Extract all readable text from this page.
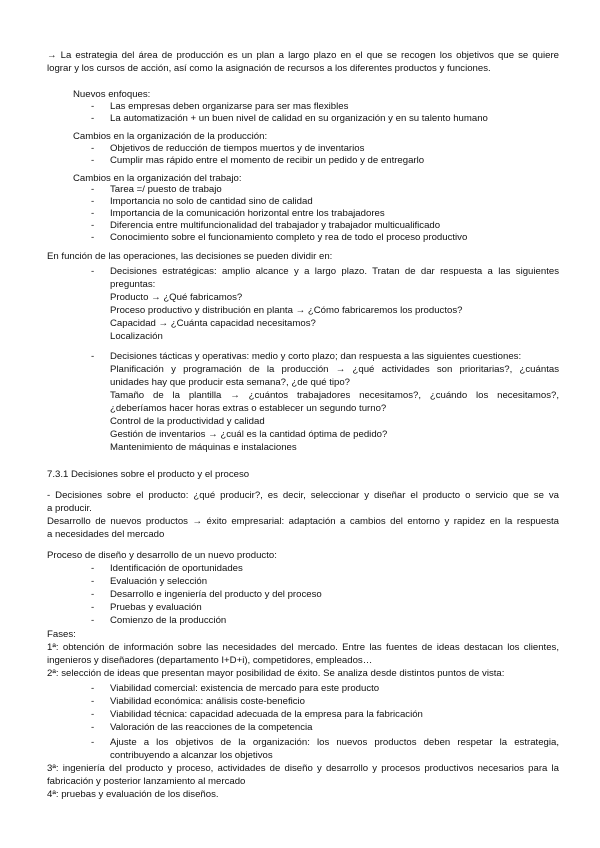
→ La estrategia del área de producción es un plan a largo plazo en el que se recogen los objetivos que se quiere
lograr y los cursos de acción, así como la asignación de recursos a los diferentes productos y funciones.
Nuevos enfoques:
- Las empresas deben organizarse para ser mas flexibles
- La automatización + un buen nivel de calidad en su organización y en su talento humano
Cambios en la organización de la producción:
- Objetivos de reducción de tiempos muertos y de inventarios
- Cumplir mas rápido entre el momento de recibir un pedido y de entregarlo
Cambios en la organización del trabajo:
- Tarea =/ puesto de trabajo
- Importancia no solo de cantidad sino de calidad
- Importancia de la comunicación horizontal entre los trabajadores
- Diferencia entre multifuncionalidad del trabajador y trabajador multicualificado
- Conocimiento sobre el funcionamiento completo y rea de todo el proceso productivo
En función de las operaciones, las decisiones se pueden dividir en:
- Decisiones estratégicas: amplio alcance y a largo plazo. Tratan de dar respuesta a las siguientes
preguntas:
Producto → ¿Qué fabricamos?
Proceso productivo y distribución en planta → ¿Cómo fabricaremos los productos?
Capacidad → ¿Cuánta capacidad necesitamos?
Localización
- Decisiones tácticas y operativas: medio y corto plazo; dan respuesta a las siguientes cuestiones:
Planificación y programación de la producción → ¿qué actividades son prioritarias?, ¿cuántas
unidades hay que producir esta semana?, ¿de qué tipo?
Tamaño de la plantilla → ¿cuántos trabajadores necesitamos?, ¿cuándo los necesitamos?,
¿deberíamos hacer horas extras o establecer un segundo turno?
Control de la productividad y calidad
Gestión de inventarios → ¿cuál es la cantidad óptima de pedido?
Mantenimiento de máquinas e instalaciones
7.3.1 Decisiones sobre el producto y el proceso
- Decisiones sobre el producto: ¿qué producir?, es decir, seleccionar y diseñar el producto o servicio que se va
a producir.
Desarrollo de nuevos productos → éxito empresarial: adaptación a cambios del entorno y rapidez en la respuesta
a necesidades del mercado
Proceso de diseño y desarrollo de un nuevo producto:
- Identificación de oportunidades
- Evaluación y selección
- Desarrollo e ingeniería del producto y del proceso
- Pruebas y evaluación
- Comienzo de la producción
Fases:
1ª: obtención de información sobre las necesidades del mercado. Entre las fuentes de ideas destacan los clientes,
ingenieros y diseñadores (departamento I+D+i), competidores, empleados…
2ª: selección de ideas que presentan mayor posibilidad de éxito. Se analiza desde distintos puntos de vista:
- Viabilidad comercial: existencia de mercado para este producto
- Viabilidad económica: análisis coste-beneficio
- Viabilidad técnica: capacidad adecuada de la empresa para la fabricación
- Valoración de las reacciones de la competencia
- Ajuste a los objetivos de la organización: los nuevos productos deben respetar la estrategia,
contribuyendo a alcanzar los objetivos
3ª: ingeniería del producto y proceso, actividades de diseño y desarrollo y procesos productivos necesarios para la
fabricación y posterior lanzamiento al mercado
4ª: pruebas y evaluación de los diseños.
